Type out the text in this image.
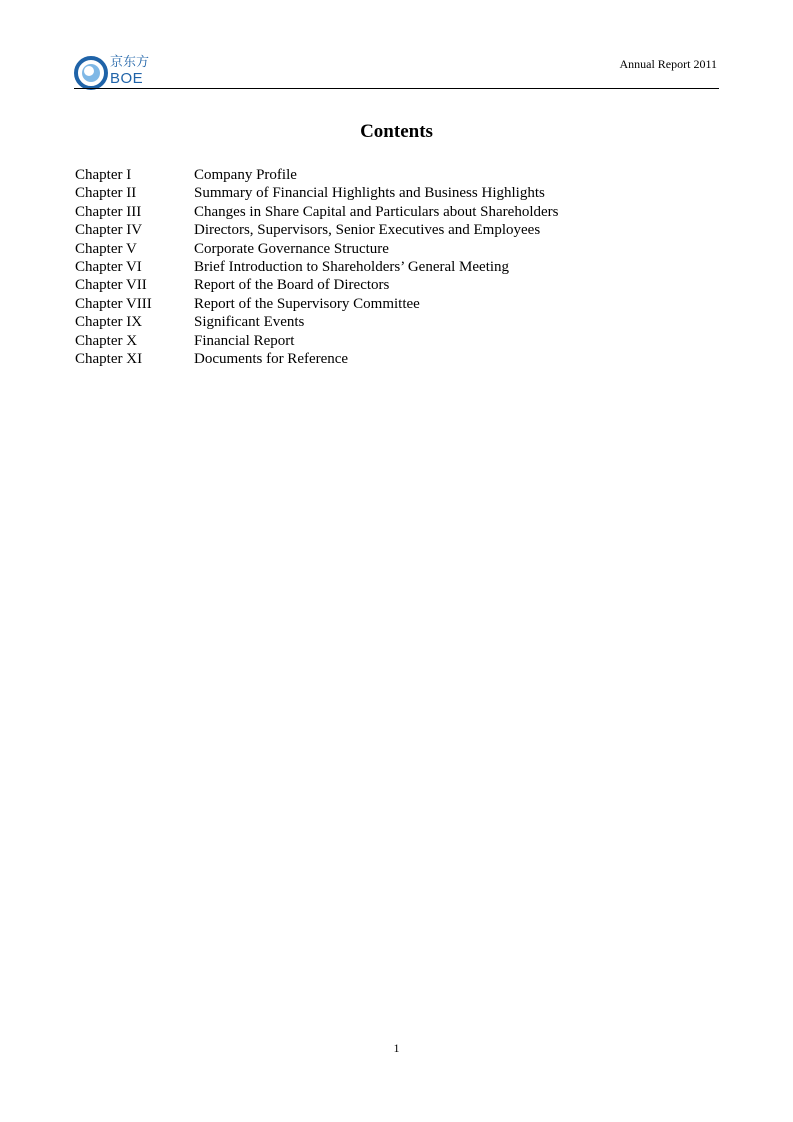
京东方
BOE
Annual Report 2011
Contents
Chapter I	Company Profile
Chapter II	Summary of Financial Highlights and Business Highlights
Chapter III	Changes in Share Capital and Particulars about Shareholders
Chapter IV	Directors, Supervisors, Senior Executives and Employees
Chapter V	Corporate Governance Structure
Chapter VI	Brief Introduction to Shareholders’ General Meeting
Chapter VII	Report of the Board of Directors
Chapter VIII	Report of the Supervisory Committee
Chapter IX	Significant Events
Chapter X	Financial Report
Chapter XI	Documents for Reference
1
